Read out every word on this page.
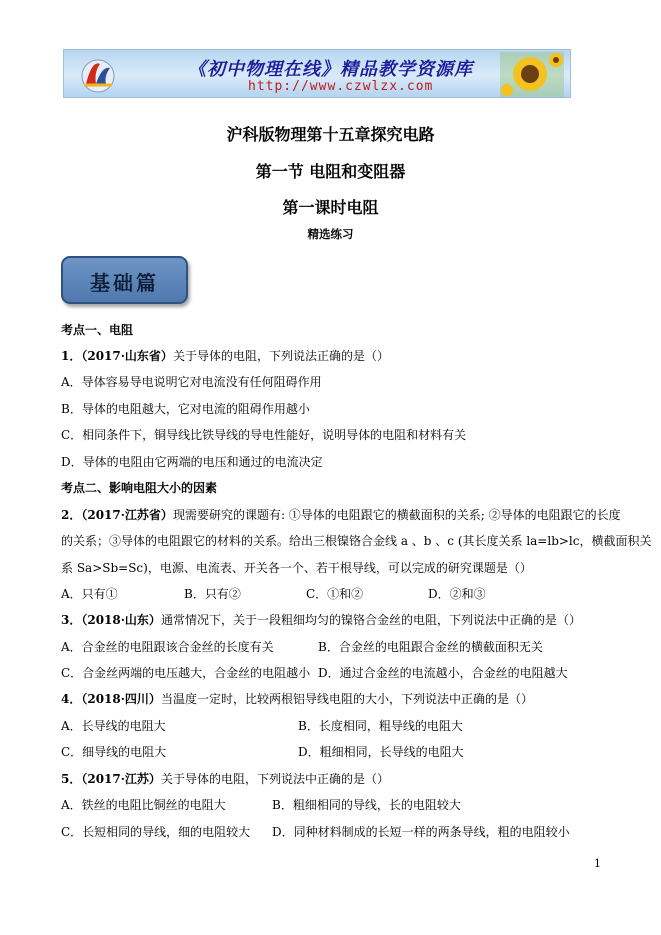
《初中物理在线》精品教学资源库
http://www.czwlzx.com
沪科版物理第十五章探究电路
第一节 电阻和变阻器
第一课时电阻
精选练习
基础篇
考点一、电阻
1．（2017·山东省）关于导体的电阻，下列说法正确的是（）
A．导体容易导电说明它对电流没有任何阻碍作用
B．导体的电阻越大，它对电流的阻碍作用越小
C．相同条件下，铜导线比铁导线的导电性能好，说明导体的电阻和材料有关
D．导体的电阻由它两端的电压和通过的电流决定
考点二、影响电阻大小的因素
2．（2017·江苏省）现需要研究的课题有: ①导体的电阻跟它的横截面积的关系; ②导体的电阻跟它的长度
的关系；③导体的电阻跟它的材料的关系。给出三根镍铬合金线 a 、b 、c (其长度关系 la=lb>lc，横截面积关
系 Sa>Sb=Sc)，电源、电流表、开关各一个、若干根导线，可以完成的研究课题是（）
A．只有①	B．只有②	C．①和②	D．②和③
3．（2018·山东）通常情况下，关于一段粗细均匀的镍铬合金丝的电阻，下列说法中正确的是（）
A．合金丝的电阻跟该合金丝的长度有关	B．合金丝的电阻跟合金丝的横截面积无关
C．合金丝两端的电压越大，合金丝的电阻越小 D．通过合金丝的电流越小，合金丝的电阻越大
4．（2018·四川）当温度一定时，比较两根铝导线电阻的大小，下列说法中正确的是（）
A．长导线的电阻大	B．长度相同，粗导线的电阻大
C．细导线的电阻大	D．粗细相同，长导线的电阻大
5．（2017·江苏）关于导体的电阻，下列说法中正确的是（）
A．铁丝的电阻比铜丝的电阻大	B．粗细相同的导线，长的电阻较大
C．长短相同的导线，细的电阻较大 D．同种材料制成的长短一样的两条导线，粗的电阻较小
1
